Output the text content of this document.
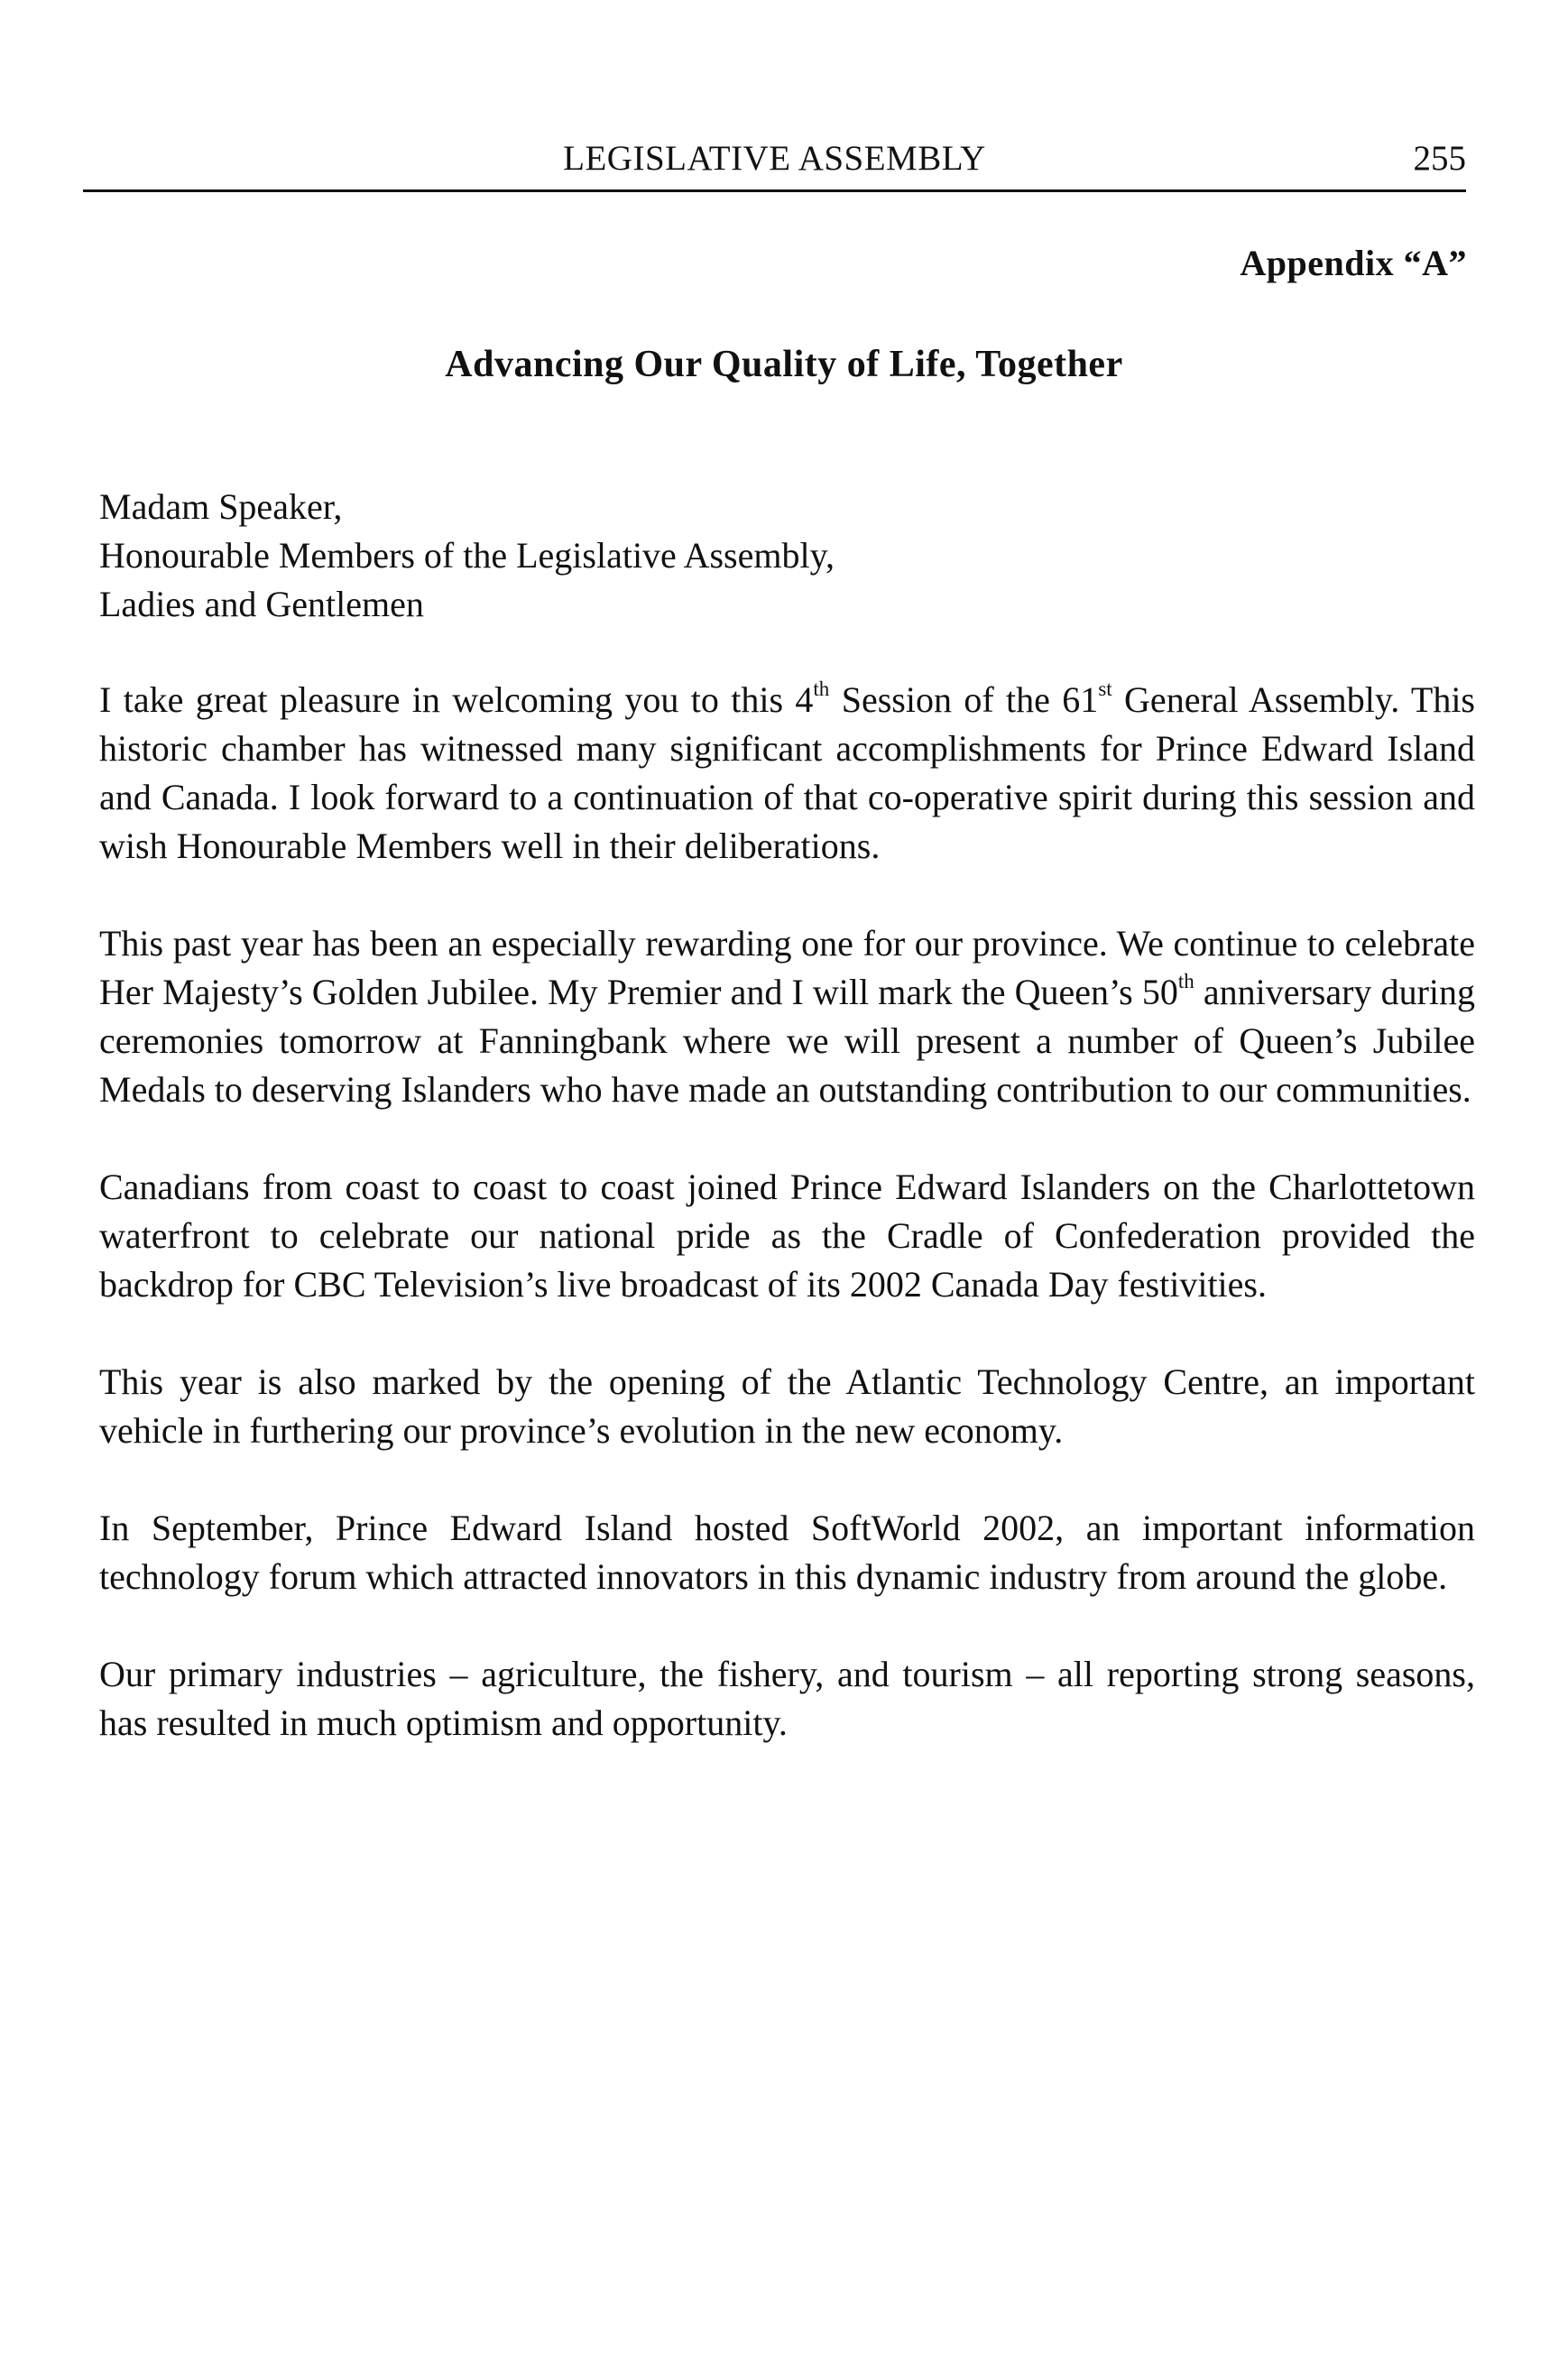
LEGISLATIVE ASSEMBLY	255
Appendix “A”
Advancing Our Quality of Life, Together
Madam Speaker,
Honourable Members of the Legislative Assembly,
Ladies and Gentlemen

I take great pleasure in welcoming you to this 4th Session of the 61st General Assembly. This historic chamber has witnessed many significant accomplishments for Prince Edward Island and Canada. I look forward to a continuation of that co-operative spirit during this session and wish Honourable Members well in their deliberations.

This past year has been an especially rewarding one for our province. We continue to celebrate Her Majesty’s Golden Jubilee. My Premier and I will mark the Queen’s 50th anniversary during ceremonies tomorrow at Fanningbank where we will present a number of Queen’s Jubilee Medals to deserving Islanders who have made an outstanding contribution to our communities.

Canadians from coast to coast to coast joined Prince Edward Islanders on the Charlottetown waterfront to celebrate our national pride as the Cradle of Confederation provided the backdrop for CBC Television’s live broadcast of its 2002 Canada Day festivities.

This year is also marked by the opening of the Atlantic Technology Centre, an important vehicle in furthering our province’s evolution in the new economy.

In September, Prince Edward Island hosted SoftWorld 2002, an important information technology forum which attracted innovators in this dynamic industry from around the globe.

Our primary industries – agriculture, the fishery, and tourism – all reporting strong seasons, has resulted in much optimism and opportunity.
